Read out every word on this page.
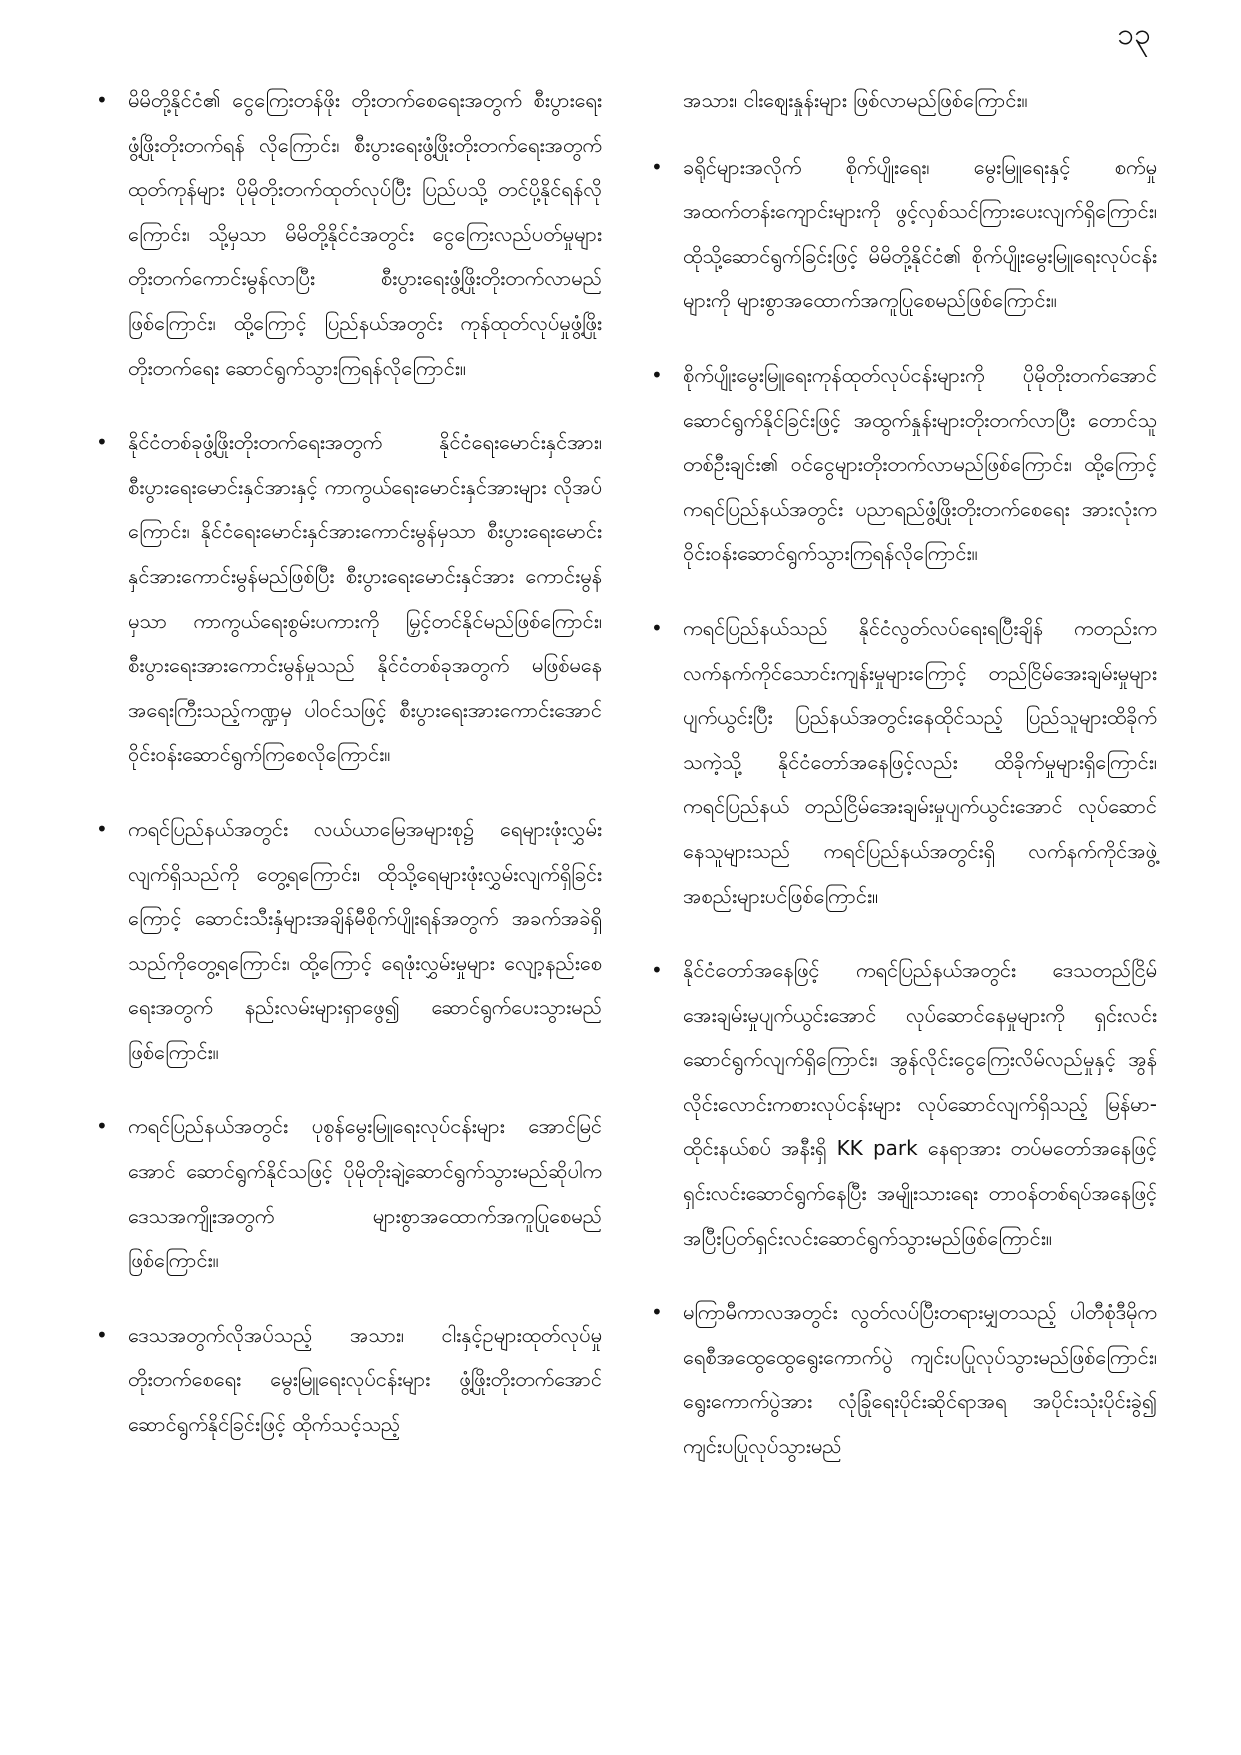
၁၃
• မိမိတို့နိုင်ငံ၏ ငွေကြေးတန်ဖိုး တိုးတက်စေရေးအတွက် စီးပွားရေးဖွံ့ဖြိုးတိုးတက်ရန် လိုကြောင်း၊ စီးပွားရေးဖွံ့ဖြိုးတိုးတက်ရေးအတွက် ထုတ်ကုန်များ ပိုမိုတိုးတက်ထုတ်လုပ်ပြီး ပြည်ပသို့ တင်ပို့နိုင်ရန်လိုကြောင်း၊ သို့မှသာ မိမိတို့နိုင်ငံအတွင်း ငွေကြေးလည်ပတ်မှုများ တိုးတက်ကောင်းမွန်လာပြီး စီးပွားရေးဖွံ့ဖြိုးတိုးတက်လာမည်ဖြစ်ကြောင်း၊ ထို့ကြောင့် ပြည်နယ်အတွင်း ကုန်ထုတ်လုပ်မှုဖွံ့ဖြိုးတိုးတက်ရေး ဆောင်ရွက်သွားကြရန်လိုကြောင်း။
• နိုင်ငံတစ်ခုဖွံ့ဖြိုးတိုးတက်ရေးအတွက် နိုင်ငံရေးမောင်းနှင်အား၊ စီးပွားရေးမောင်းနှင်အားနှင့် ကာကွယ်ရေးမောင်းနှင်အားများ လိုအပ်ကြောင်း၊ နိုင်ငံရေးမောင်းနှင်အားကောင်းမွန်မှသာ စီးပွားရေးမောင်းနှင်အားကောင်းမွန်မည်ဖြစ်ပြီး စီးပွားရေးမောင်းနှင်အား ကောင်းမွန်မှသာ ကာကွယ်ရေးစွမ်းပကားကို မြှင့်တင်နိုင်မည်ဖြစ်ကြောင်း၊ စီးပွားရေးအားကောင်းမွန်မှုသည် နိုင်ငံတစ်ခုအတွက် မဖြစ်မနေအရေးကြီးသည့်ကဏ္ဍမှ ပါဝင်သဖြင့် စီးပွားရေးအားကောင်းအောင် ဝိုင်းဝန်းဆောင်ရွက်ကြစေလိုကြောင်း။
• ကရင်ပြည်နယ်အတွင်း လယ်ယာမြေအများစု၌ ရေများဖုံးလွှမ်းလျက်ရှိသည်ကို တွေ့ရကြောင်း၊ ထိုသို့ရေများဖုံးလွှမ်းလျက်ရှိခြင်းကြောင့် ဆောင်းသီးနှံများအချိန်မီစိုက်ပျိုးရန်အတွက် အခက်အခဲရှိသည်ကိုတွေ့ရကြောင်း၊ ထို့ကြောင့် ရေဖုံးလွှမ်းမှုများ လျော့နည်းစေရေးအတွက် နည်းလမ်းများရှာဖွေ၍ ဆောင်ရွက်ပေးသွားမည်ဖြစ်ကြောင်း။
• ကရင်ပြည်နယ်အတွင်း ပုစွန်မွေးမြူရေးလုပ်ငန်းများ အောင်မြင်အောင် ဆောင်ရွက်နိုင်သဖြင့် ပိုမိုတိုးချဲ့ဆောင်ရွက်သွားမည်ဆိုပါက ဒေသအကျိုးအတွက် များစွာအထောက်အကူပြုစေမည် ဖြစ်ကြောင်း။
• ဒေသအတွက်လိုအပ်သည့် အသား၊ ငါးနှင့်ဥများထုတ်လုပ်မှုတိုးတက်စေရေး မွေးမြူရေးလုပ်ငန်းများ ဖွံ့ဖြိုးတိုးတက်အောင် ဆောင်ရွက်နိုင်ခြင်းဖြင့် ထိုက်သင့်သည့်
အသား၊ ငါးဈေးနှုန်းများ ဖြစ်လာမည်ဖြစ်ကြောင်း။
• ခရိုင်များအလိုက် စိုက်ပျိုးရေး၊ မွေးမြူရေးနှင့် စက်မှုအထက်တန်းကျောင်းများကို ဖွင့်လှစ်သင်ကြားပေးလျက်ရှိကြောင်း၊ ထိုသို့ဆောင်ရွက်ခြင်းဖြင့် မိမိတို့နိုင်ငံ၏ စိုက်ပျိုးမွေးမြူရေးလုပ်ငန်းများကို များစွာအထောက်အကူပြုစေမည်ဖြစ်ကြောင်း။
• စိုက်ပျိုးမွေးမြူရေးကုန်ထုတ်လုပ်ငန်းများကို ပိုမိုတိုးတက်အောင် ဆောင်ရွက်နိုင်ခြင်းဖြင့် အထွက်နှုန်းများတိုးတက်လာပြီး တောင်သူတစ်ဦးချင်း၏ ဝင်ငွေများတိုးတက်လာမည်ဖြစ်ကြောင်း၊ ထို့ကြောင့် ကရင်ပြည်နယ်အတွင်း ပညာရည်ဖွံ့ဖြိုးတိုးတက်စေရေး အားလုံးက ဝိုင်းဝန်းဆောင်ရွက်သွားကြရန်လိုကြောင်း။
• ကရင်ပြည်နယ်သည် နိုင်ငံလွတ်လပ်ရေးရပြီးချိန် ကတည်းကလက်နက်ကိုင်သောင်းကျန်းမှုများကြောင့် တည်ငြိမ်အေးချမ်းမှုများပျက်ယွင်းပြီး ပြည်နယ်အတွင်းနေထိုင်သည့် ပြည်သူများထိခိုက်သကဲ့သို့ နိုင်ငံတော်အနေဖြင့်လည်း ထိခိုက်မှုများရှိကြောင်း၊ ကရင်ပြည်နယ် တည်ငြိမ်အေးချမ်းမှုပျက်ယွင်းအောင် လုပ်ဆောင်နေသူများသည် ကရင်ပြည်နယ်အတွင်းရှိ လက်နက်ကိုင်အဖွဲ့အစည်းများပင်ဖြစ်ကြောင်း။
• နိုင်ငံတော်အနေဖြင့် ကရင်ပြည်နယ်အတွင်း ဒေသတည်ငြိမ်အေးချမ်းမှုပျက်ယွင်းအောင် လုပ်ဆောင်နေမှုများကို ရှင်းလင်းဆောင်ရွက်လျက်ရှိကြောင်း၊ အွန်လိုင်းငွေကြေးလိမ်လည်မှုနှင့် အွန်လိုင်းလောင်းကစားလုပ်ငန်းများ လုပ်ဆောင်လျက်ရှိသည့် မြန်မာ-ထိုင်းနယ်စပ် အနီးရှိ KK park နေရာအား တပ်မတော်အနေဖြင့် ရှင်းလင်းဆောင်ရွက်နေပြီး အမျိုးသားရေး တာဝန်တစ်ရပ်အနေဖြင့် အပြီးပြတ်ရှင်းလင်းဆောင်ရွက်သွားမည်ဖြစ်ကြောင်း။
• မကြာမီကာလအတွင်း လွတ်လပ်ပြီးတရားမျှတသည့် ပါတီစုံဒီမိုကရေစီအထွေထွေရွေးကောက်ပွဲ ကျင်းပပြုလုပ်သွားမည်ဖြစ်ကြောင်း၊ ရွေးကောက်ပွဲအား လုံခြုံရေးပိုင်းဆိုင်ရာအရ အပိုင်းသုံးပိုင်းခွဲ၍ ကျင်းပပြုလုပ်သွားမည်
